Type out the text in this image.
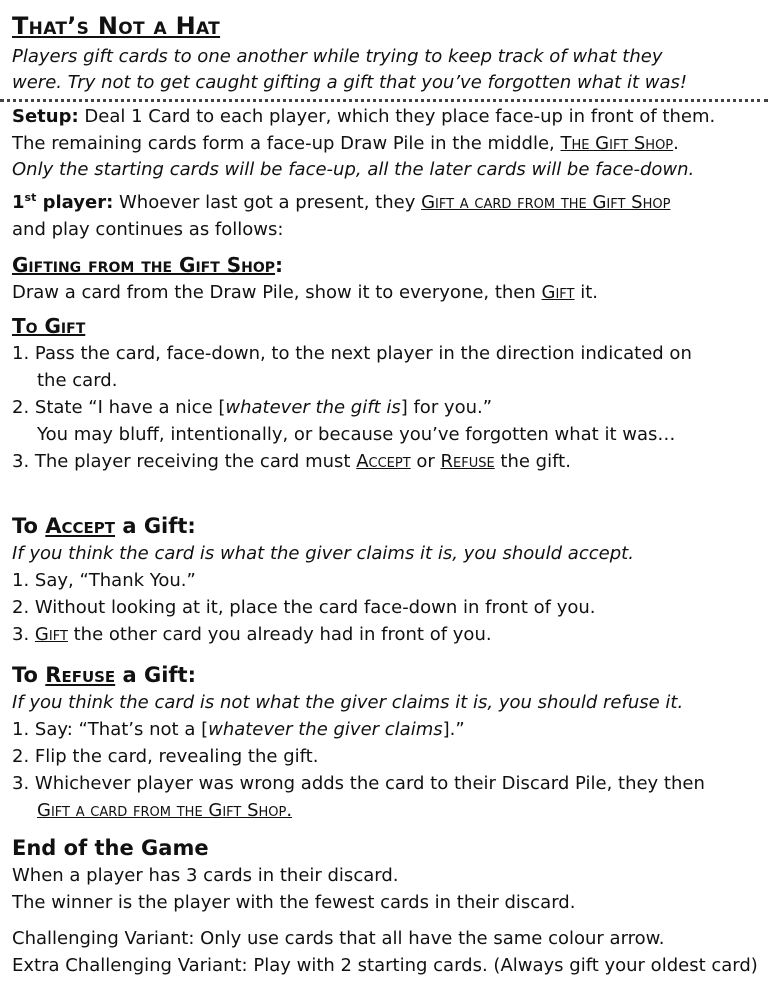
That’s Not a Hat
Players gift cards to one another while trying to keep track of what they
were. Try not to get caught gifting a gift that you’ve forgotten what it was!
Setup: Deal 1 Card to each player, which they place face-up in front of them.
The remaining cards form a face-up Draw Pile in the middle, The Gift Shop.
Only the starting cards will be face-up, all the later cards will be face-down.
1st player: Whoever last got a present, they Gift a card from the Gift Shop
and play continues as follows:
Gifting from the Gift Shop:
Draw a card from the Draw Pile, show it to everyone, then Gift it.
To Gift
1. Pass the card, face-down, to the next player in the direction indicated on
the card.
2. State “I have a nice [whatever the gift is] for you.”
You may bluff, intentionally, or because you’ve forgotten what it was…
3. The player receiving the card must Accept or Refuse the gift.
To Accept a Gift:
If you think the card is what the giver claims it is, you should accept.
1. Say, “Thank You.”
2. Without looking at it, place the card face-down in front of you.
3. Gift the other card you already had in front of you.
To Refuse a Gift:
If you think the card is not what the giver claims it is, you should refuse it.
1. Say: “That’s not a [whatever the giver claims].”
2. Flip the card, revealing the gift.
3. Whichever player was wrong adds the card to their Discard Pile, they then
Gift a card from the Gift Shop.
End of the Game
When a player has 3 cards in their discard.
The winner is the player with the fewest cards in their discard.
Challenging Variant: Only use cards that all have the same colour arrow.
Extra Challenging Variant: Play with 2 starting cards. (Always gift your oldest card)
